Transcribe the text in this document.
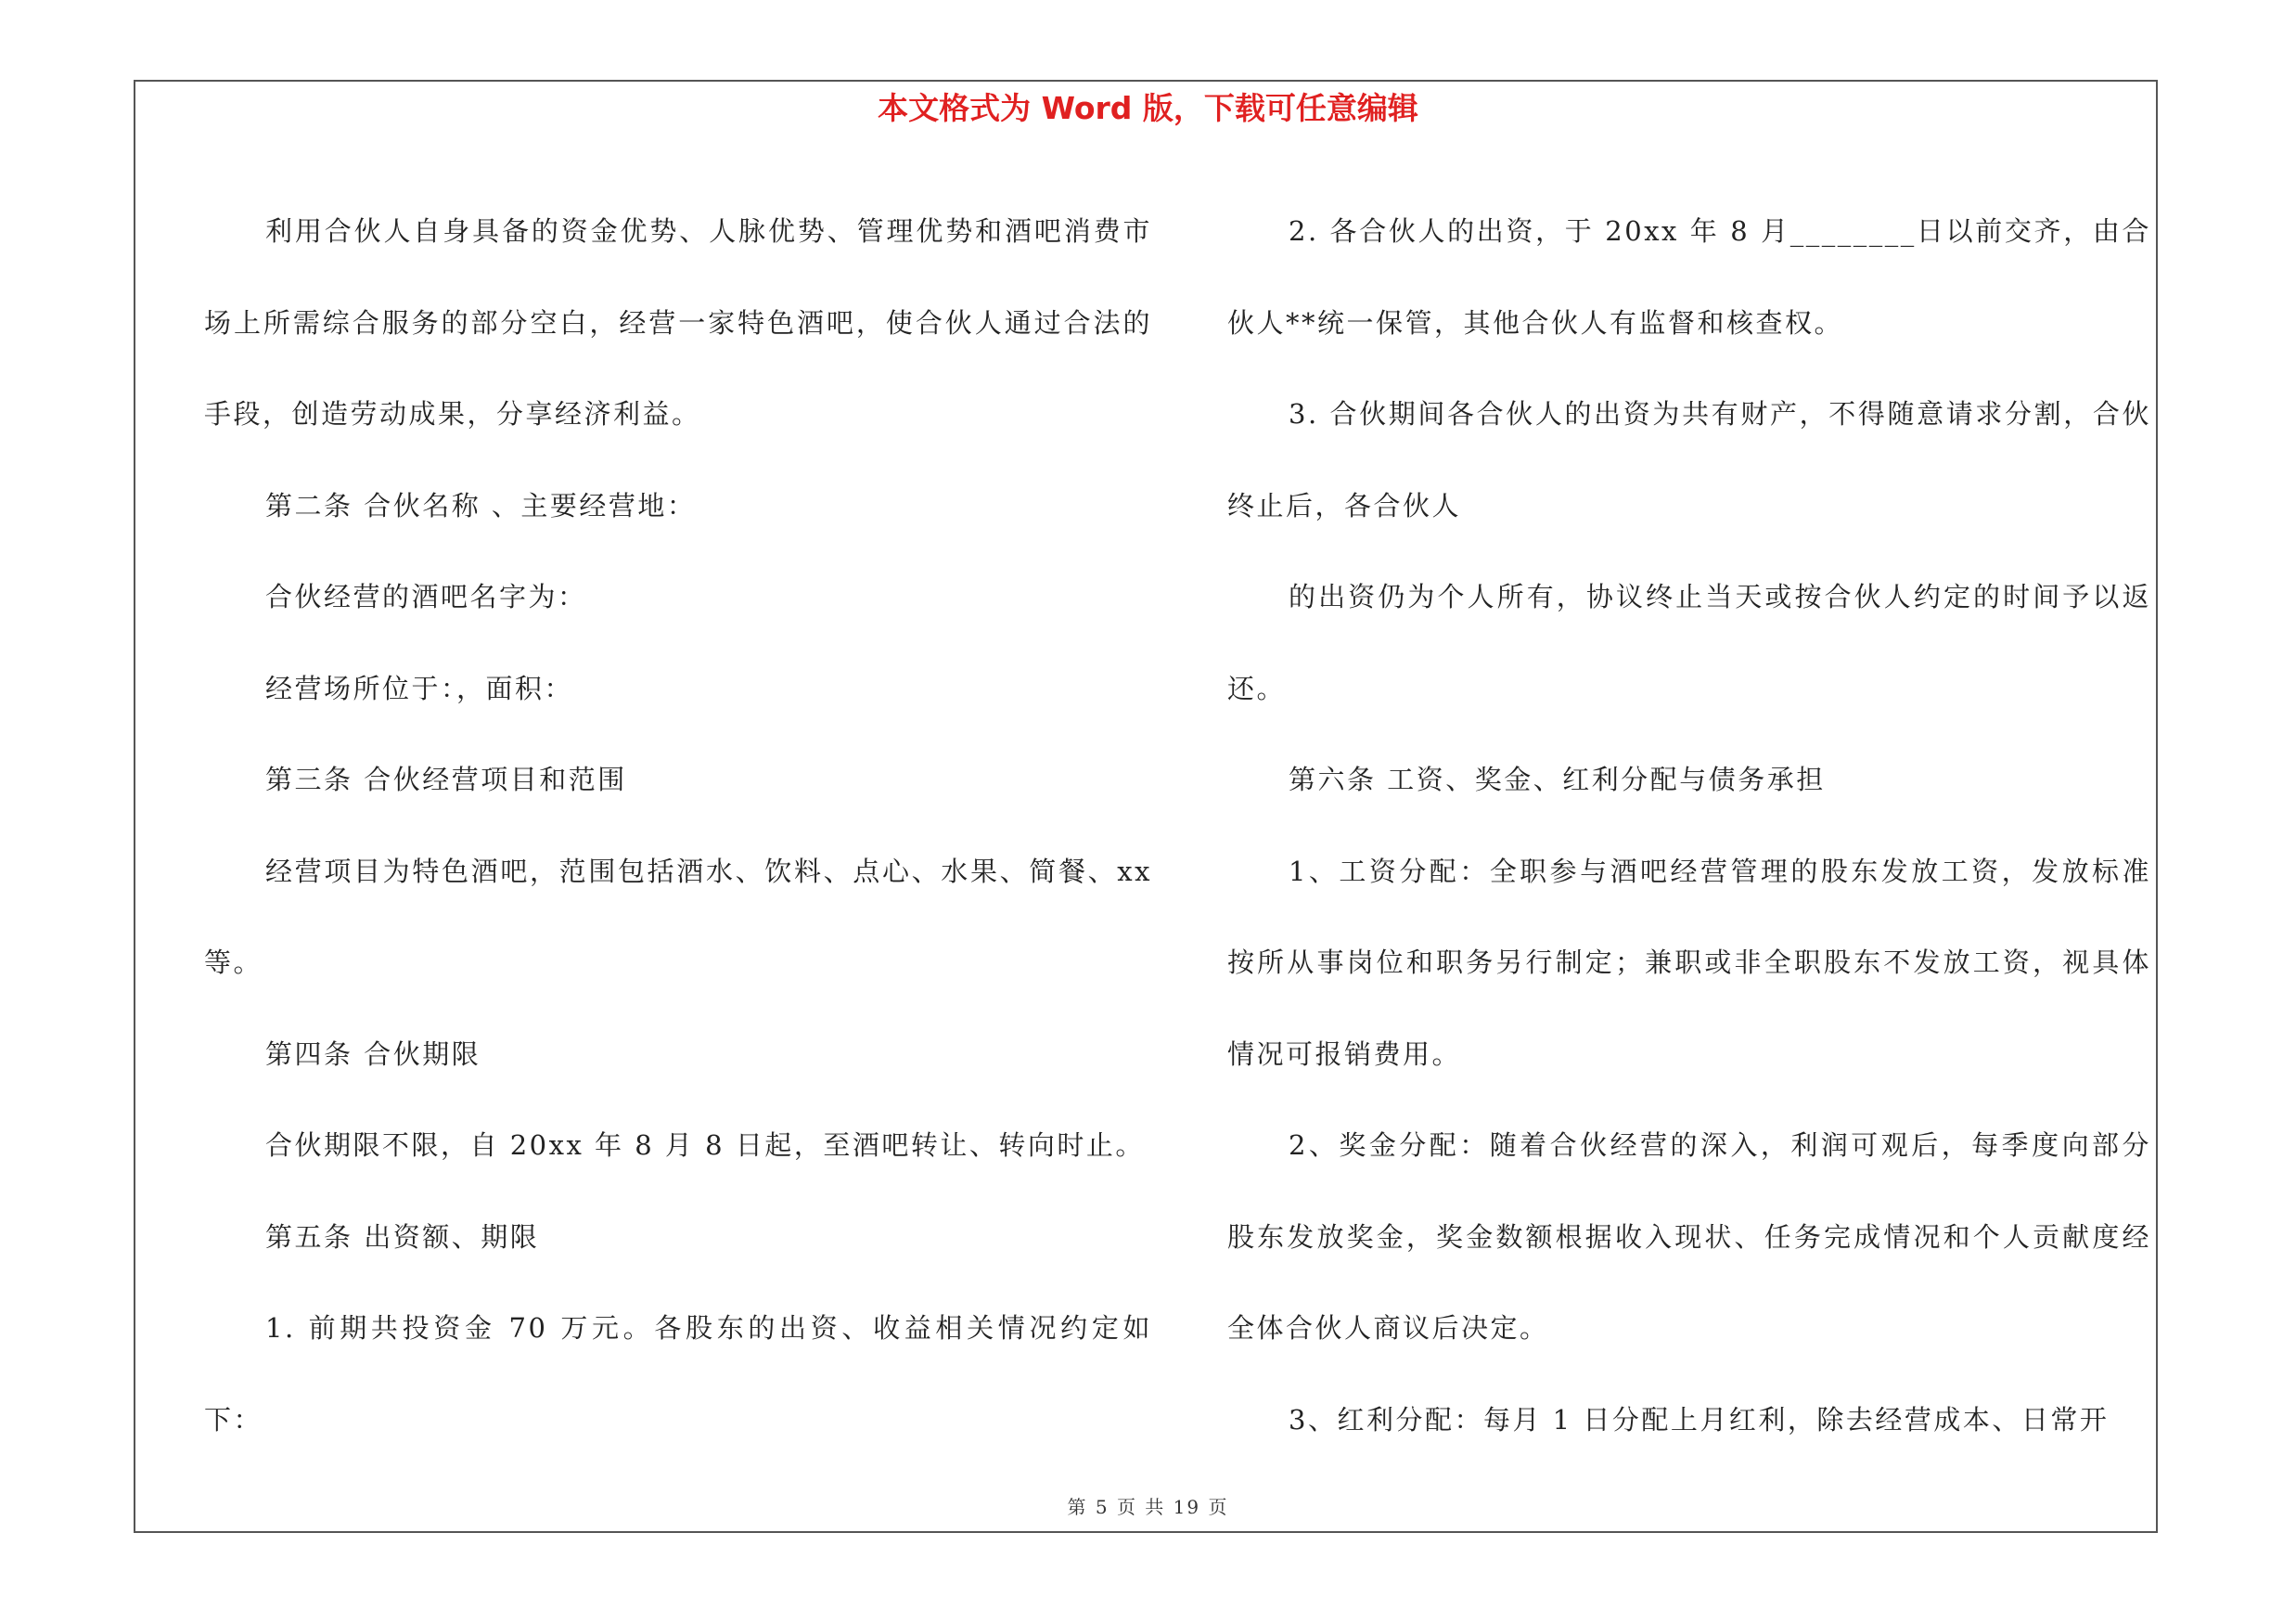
本文格式为 Word 版，下载可任意编辑

利用合伙人自身具备的资金优势、人脉优势、管理优势和酒吧消费市场上所需综合服务的部分空白，经营一家特色酒吧，使合伙人通过合法的手段，创造劳动成果，分享经济利益。

第二条 合伙名称 、主要经营地：

合伙经营的酒吧名字为：

经营场所位于：，面积：

第三条 合伙经营项目和范围

经营项目为特色酒吧，范围包括酒水、饮料、点心、水果、简餐、xx 等。

第四条 合伙期限

合伙期限不限，自 20xx 年 8 月 8 日起，至酒吧转让、转向时止。

第五条 出资额、期限

1. 前期共投资金 70 万元。各股东的出资、收益相关情况约定如下：

2. 各合伙人的出资，于 20xx 年 8 月________日以前交齐，由合伙人**统一保管，其他合伙人有监督和核查权。

3. 合伙期间各合伙人的出资为共有财产，不得随意请求分割，合伙终止后，各合伙人

的出资仍为个人所有，协议终止当天或按合伙人约定的时间予以返还。

第六条 工资、奖金、红利分配与债务承担

1、工资分配：全职参与酒吧经营管理的股东发放工资，发放标准按所从事岗位和职务另行制定；兼职或非全职股东不发放工资，视具体情况可报销费用。

2、奖金分配：随着合伙经营的深入，利润可观后，每季度向部分股东发放奖金，奖金数额根据收入现状、任务完成情况和个人贡献度经全体合伙人商议后决定。

3、红利分配：每月 1 日分配上月红利，除去经营成本、日常开

第 5 页 共 19 页
